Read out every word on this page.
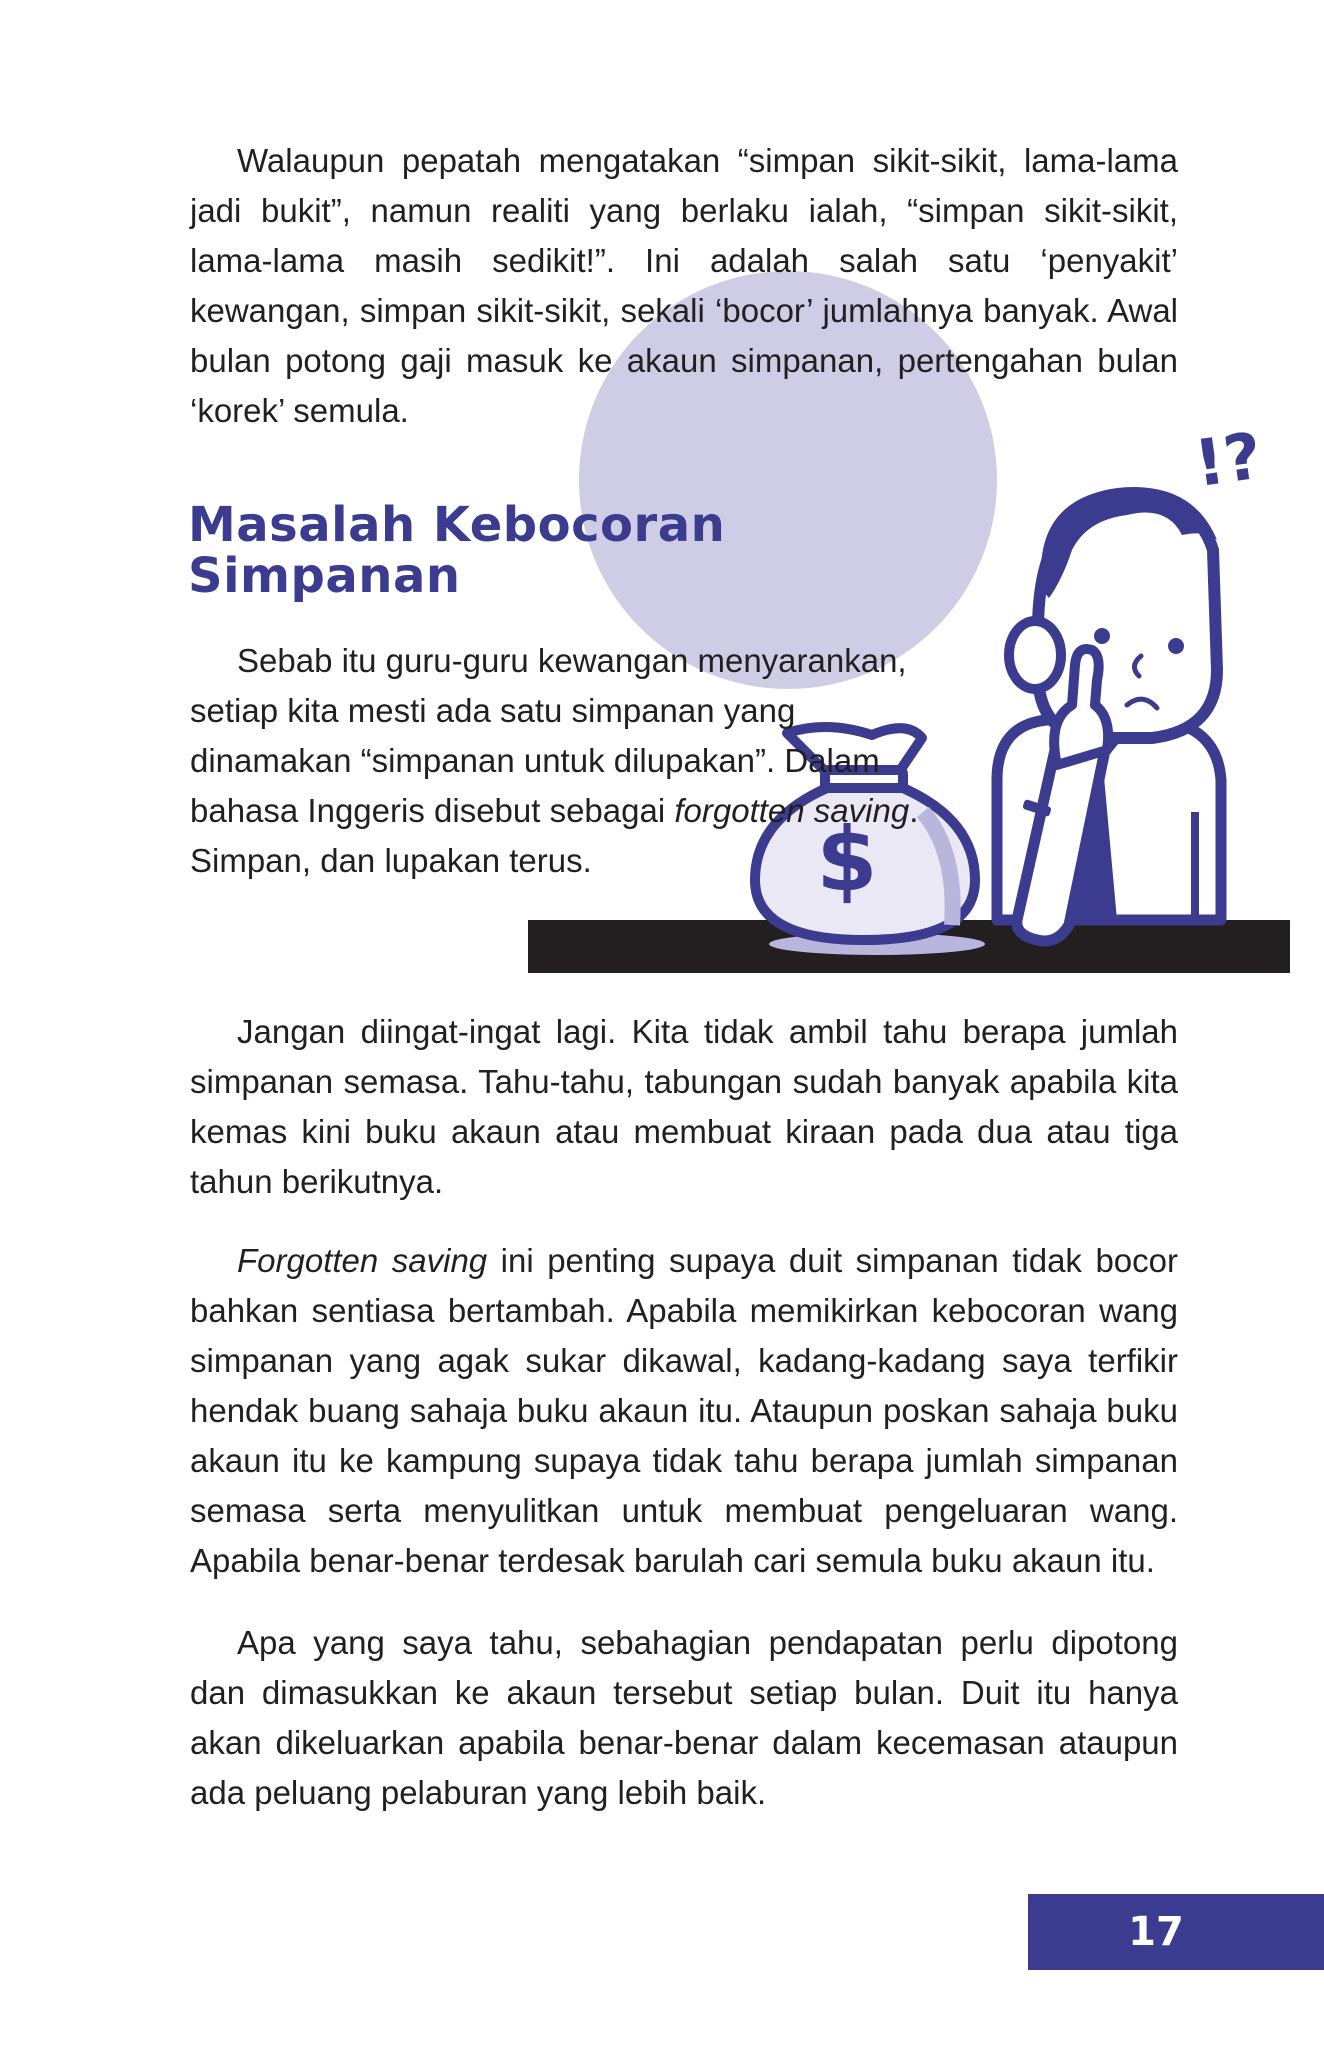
Walaupun pepatah mengatakan “simpan sikit-sikit, lama-lama jadi bukit”, namun realiti yang berlaku ialah, “simpan sikit-sikit, lama-lama masih sedikit!”. Ini adalah salah satu ‘penyakit’ kewangan, simpan sikit-sikit, sekali ‘bocor’ jumlahnya banyak. Awal bulan potong gaji masuk ke akaun simpanan, pertengahan bulan ‘korek’ semula.

Masalah Kebocoran
Simpanan
$
!?

Sebab itu guru-guru kewangan menyarankan, setiap kita mesti ada satu simpanan yang dinamakan “simpanan untuk dilupakan”. Dalam bahasa Inggeris disebut sebagai forgotten saving. Simpan, dan lupakan terus.

Jangan diingat-ingat lagi. Kita tidak ambil tahu berapa jumlah simpanan semasa. Tahu-tahu, tabungan sudah banyak apabila kita kemas kini buku akaun atau membuat kiraan pada dua atau tiga tahun berikutnya.

Forgotten saving ini penting supaya duit simpanan tidak bocor bahkan sentiasa bertambah. Apabila memikirkan kebocoran wang simpanan yang agak sukar dikawal, kadang-kadang saya terfikir hendak buang sahaja buku akaun itu. Ataupun poskan sahaja buku akaun itu ke kampung supaya tidak tahu berapa jumlah simpanan semasa serta menyulitkan untuk membuat pengeluaran wang. Apabila benar-benar terdesak barulah cari semula buku akaun itu.

Apa yang saya tahu, sebahagian pendapatan perlu dipotong dan dimasukkan ke akaun tersebut setiap bulan. Duit itu hanya akan dikeluarkan apabila benar-benar dalam kecemasan ataupun ada peluang pelaburan yang lebih baik.

17
